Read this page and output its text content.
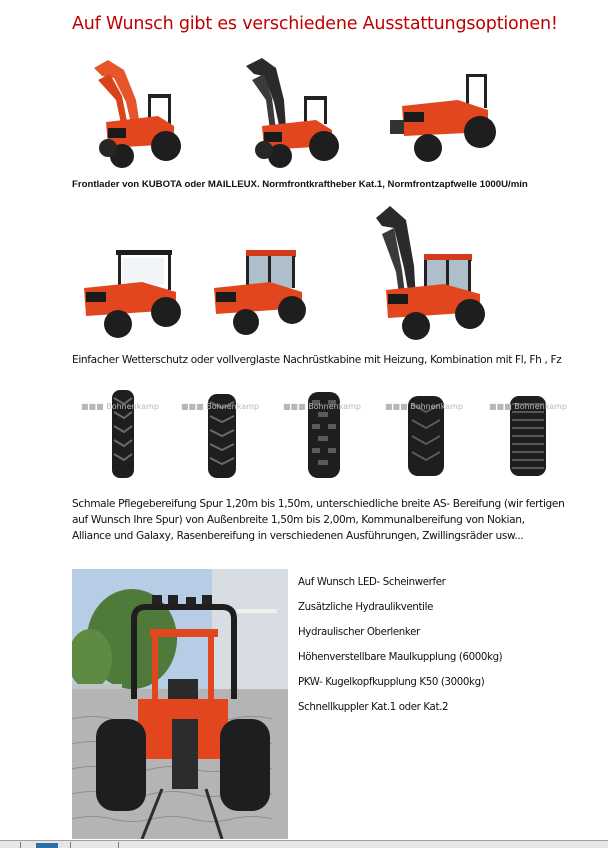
Auf Wunsch gibt es verschiedene Ausstattungsoptionen!
Frontlader von KUBOTA oder MAILLEUX. Normfrontkraftheber Kat.1, Normfrontzapfwelle 1000U/min
Einfacher Wetterschutz oder vollverglaste Nachrüstkabine mit Heizung, Kombination mit Fl, Fh , Fz
■■■ Bohnenkamp	■■■ Bohnenkamp	■■■ Bohnenkamp	■■■ Bohnenkamp	■■■ Bohnenkamp
Schmale Pflegebereifung Spur 1,20m bis 1,50m, unterschiedliche breite AS- Bereifung (wir fertigen
auf Wunsch Ihre Spur) von Außenbreite 1,50m bis 2,00m, Kommunalbereifung von Nokian,
Alliance und Galaxy, Rasenbereifung in verschiedenen Ausführungen, Zwillingsräder usw...
Auf Wunsch LED- Scheinwerfer
Zusätzliche Hydraulikventile
Hydraulischer Oberlenker
Höhenverstellbare Maulkupplung (6000kg)
PKW- Kugelkopfkupplung K50 (3000kg)
Schnellkuppler Kat.1 oder Kat.2
